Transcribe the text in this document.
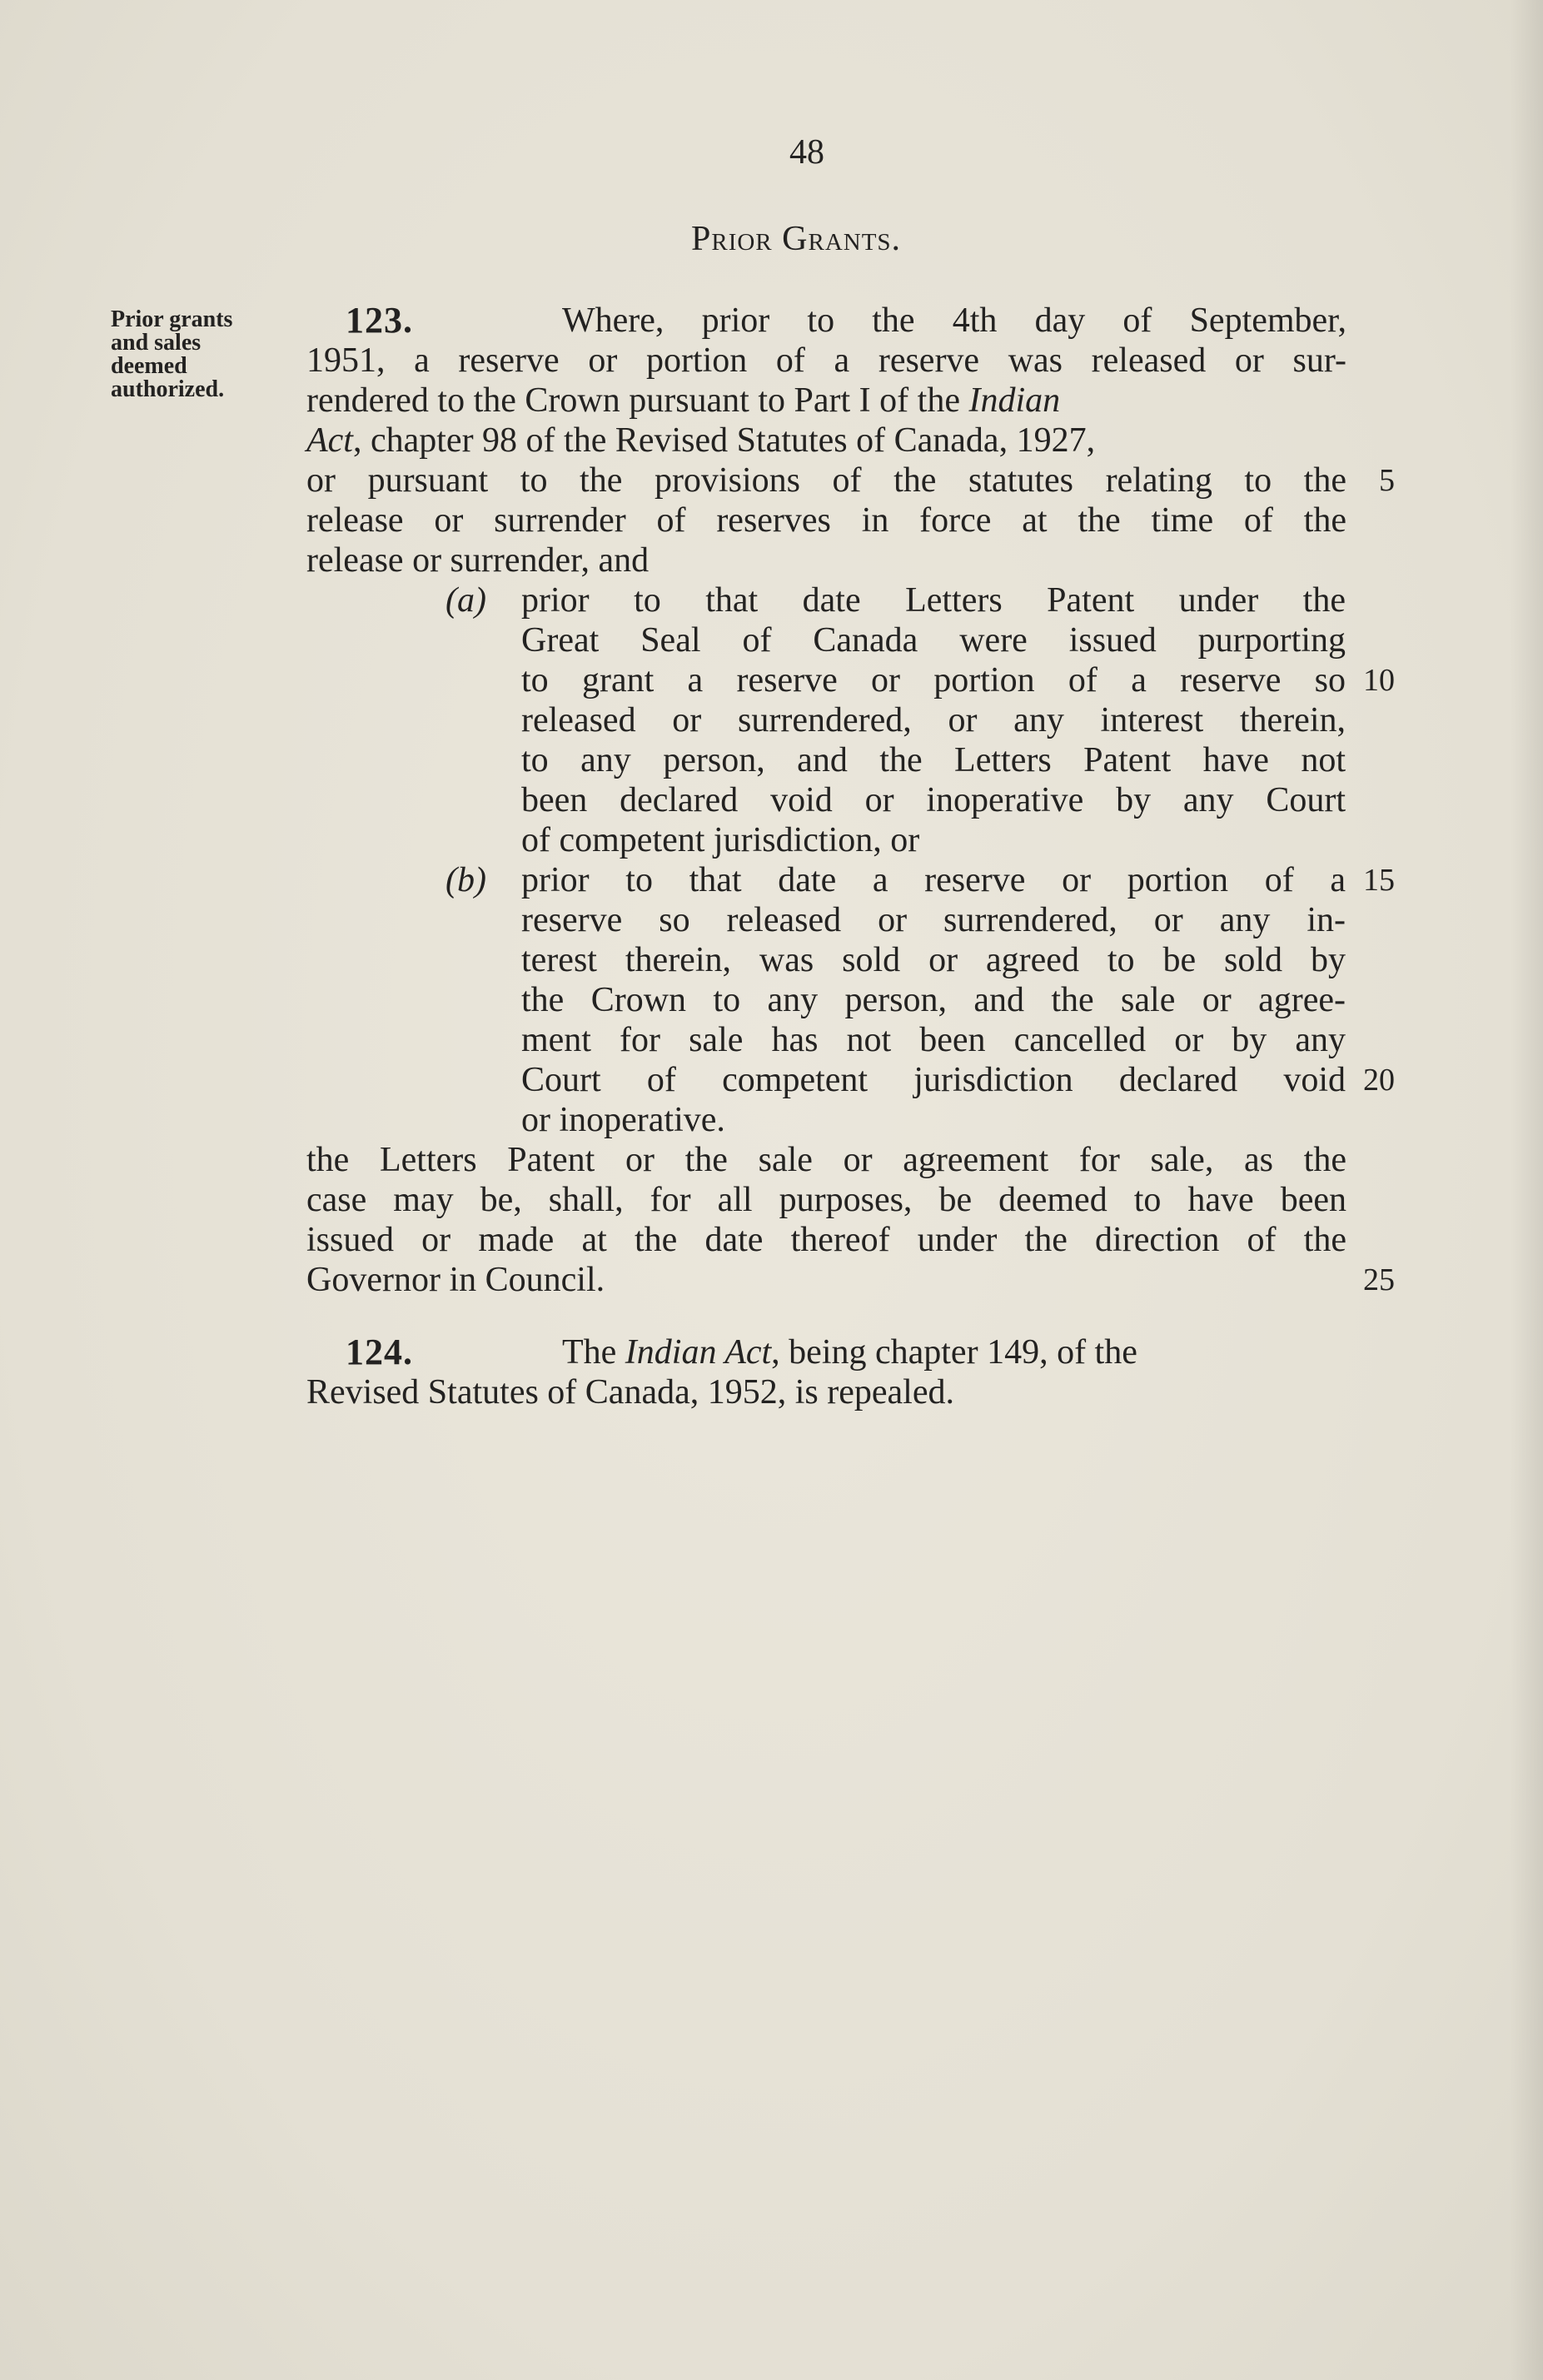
48
Prior Grants.
Prior grants and sales deemed authorized.
123.	Where, prior to the 4th day of September,
1951, a reserve or portion of a reserve was released or sur-
rendered to the Crown pursuant to Part I of the Indian
Act, chapter 98 of the Revised Statutes of Canada, 1927,
or pursuant to the provisions of the statutes relating to the
release or surrender of reserves in force at the time of the
release or surrender, and
(a) prior to that date Letters Patent under the
Great Seal of Canada were issued purporting
to grant a reserve or portion of a reserve so
released or surrendered, or any interest therein,
to any person, and the Letters Patent have not
been declared void or inoperative by any Court
of competent jurisdiction, or
(b) prior to that date a reserve or portion of a
reserve so released or surrendered, or any in-
terest therein, was sold or agreed to be sold by
the Crown to any person, and the sale or agree-
ment for sale has not been cancelled or by any
Court of competent jurisdiction declared void
or inoperative.
the Letters Patent or the sale or agreement for sale, as the
case may be, shall, for all purposes, be deemed to have been
issued or made at the date thereof under the direction of the
Governor in Council.
124.	The Indian Act, being chapter 149, of the
Revised Statutes of Canada, 1952, is repealed.
5
10
15
20
25
